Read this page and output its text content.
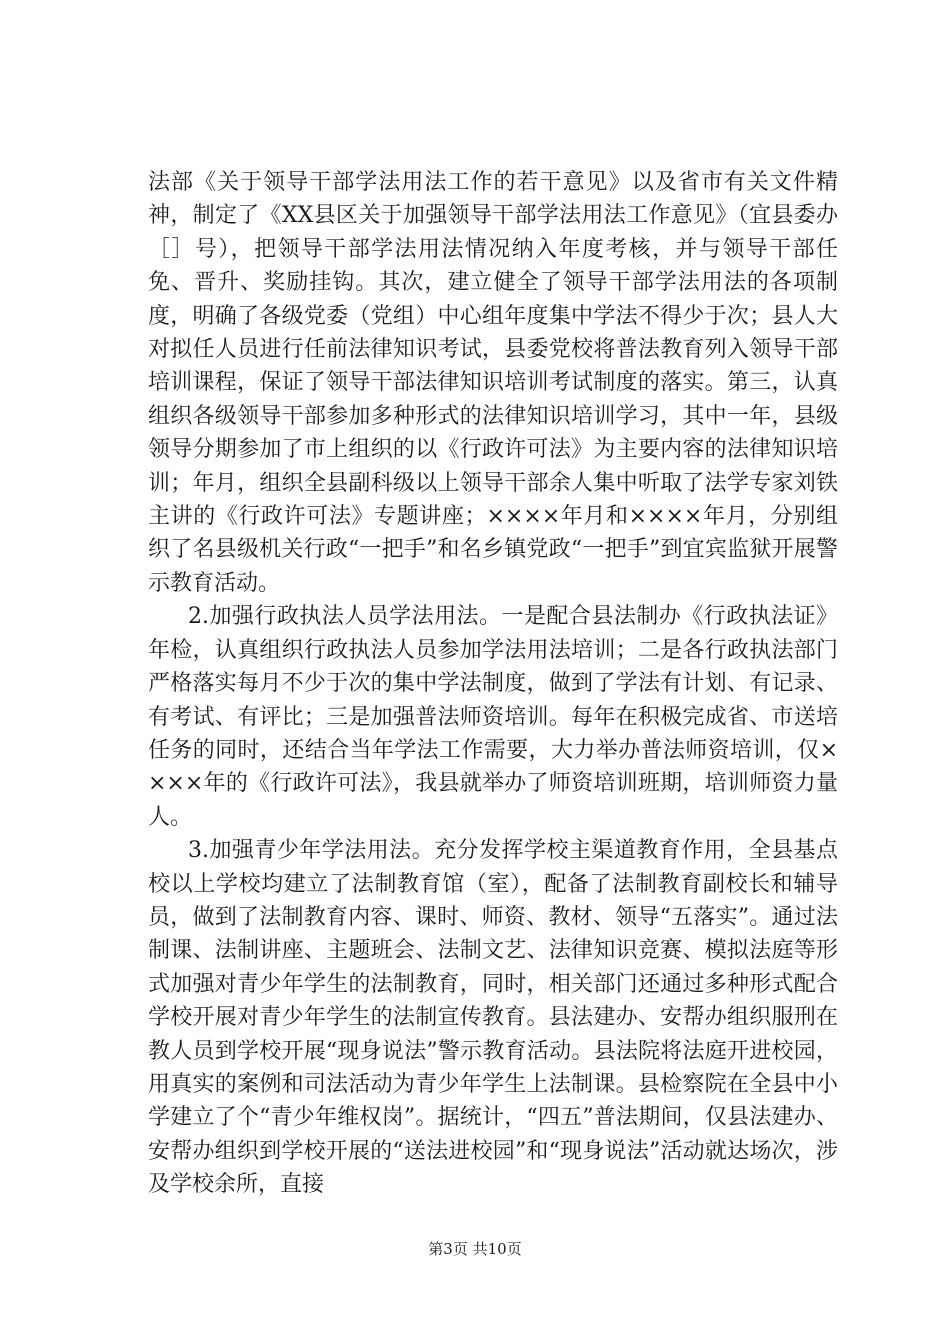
法部《关于领导干部学法用法工作的若干意见》以及省市有关文件精神，制定了《XX县区关于加强领导干部学法用法工作意见》（宜县委办［］号），把领导干部学法用法情况纳入年度考核，并与领导干部任免、晋升、奖励挂钩。其次，建立健全了领导干部学法用法的各项制度，明确了各级党委（党组）中心组年度集中学法不得少于次；县人大对拟任人员进行任前法律知识考试，县委党校将普法教育列入领导干部培训课程，保证了领导干部法律知识培训考试制度的落实。第三，认真组织各级领导干部参加多种形式的法律知识培训学习，其中一年，县级领导分期参加了市上组织的以《行政许可法》为主要内容的法律知识培训；年月，组织全县副科级以上领导干部余人集中听取了法学专家刘铁主讲的《行政许可法》专题讲座；××××年月和××××年月，分别组织了名县级机关行政“一把手”和名乡镇党政“一把手”到宜宾监狱开展警示教育活动。

2.加强行政执法人员学法用法。一是配合县法制办《行政执法证》年检，认真组织行政执法人员参加学法用法培训；二是各行政执法部门严格落实每月不少于次的集中学法制度，做到了学法有计划、有记录、有考试、有评比；三是加强普法师资培训。每年在积极完成省、市送培任务的同时，还结合当年学法工作需要，大力举办普法师资培训，仅××××年的《行政许可法》，我县就举办了师资培训班期，培训师资力量人。

3.加强青少年学法用法。充分发挥学校主渠道教育作用，全县基点校以上学校均建立了法制教育馆（室），配备了法制教育副校长和辅导员，做到了法制教育内容、课时、师资、教材、领导“五落实”。通过法制课、法制讲座、主题班会、法制文艺、法律知识竞赛、模拟法庭等形式加强对青少年学生的法制教育，同时，相关部门还通过多种形式配合学校开展对青少年学生的法制宣传教育。县法建办、安帮办组织服刑在教人员到学校开展“现身说法”警示教育活动。县法院将法庭开进校园，用真实的案例和司法活动为青少年学生上法制课。县检察院在全县中小学建立了个“青少年维权岗”。据统计，“四五”普法期间，仅县法建办、安帮办组织到学校开展的“送法进校园”和“现身说法”活动就达场次，涉及学校余所，直接

第3页 共10页
